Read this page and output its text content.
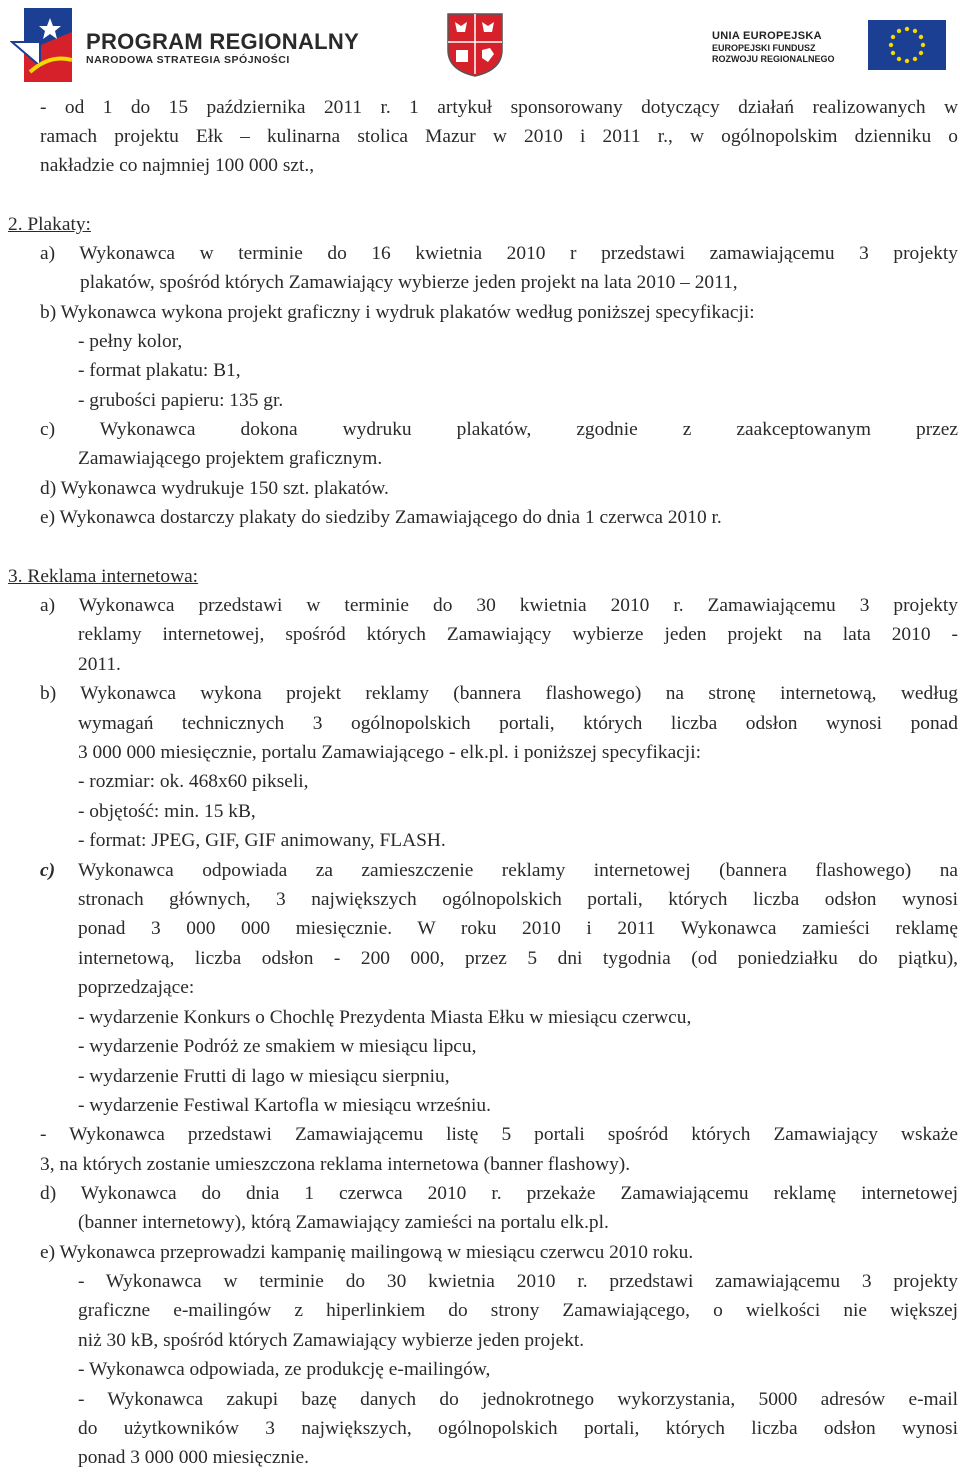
PROGRAM REGIONALNY
NARODOWA STRATEGIA SPÓJNOŚCI
UNIA EUROPEJSKA
EUROPEJSKI FUNDUSZ
ROZWOJU REGIONALNEGO
- od 1 do 15 października 2011 r. 1 artykuł sponsorowany dotyczący działań realizowanych w
ramach projektu Ełk – kulinarna stolica Mazur w 2010 i 2011 r., w ogólnopolskim dzienniku o
nakładzie co najmniej 100 000 szt.,
2. Plakaty:
a) Wykonawca w terminie do 16 kwietnia 2010 r przedstawi zamawiającemu 3 projekty
plakatów, spośród których Zamawiający wybierze jeden projekt na lata 2010 – 2011,
b) Wykonawca wykona projekt graficzny i wydruk plakatów według poniższej specyfikacji:
- pełny kolor,
- format plakatu: B1,
- grubości papieru: 135 gr.
c) Wykonawca dokona wydruku plakatów, zgodnie z zaakceptowanym przez
Zamawiającego projektem graficznym.
d) Wykonawca wydrukuje 150 szt. plakatów.
e) Wykonawca dostarczy plakaty do siedziby Zamawiającego do dnia 1 czerwca 2010 r.
3. Reklama internetowa:
a) Wykonawca przedstawi w terminie do 30 kwietnia 2010 r. Zamawiającemu 3 projekty
reklamy internetowej, spośród których Zamawiający wybierze jeden projekt na lata 2010 -
2011.
b) Wykonawca wykona projekt reklamy (bannera flashowego) na stronę internetową, według
wymagań technicznych 3 ogólnopolskich portali, których liczba odsłon wynosi ponad
3 000 000 miesięcznie, portalu Zamawiającego - elk.pl. i poniższej specyfikacji:
- rozmiar: ok. 468x60 pikseli,
- objętość: min. 15 kB,
- format: JPEG, GIF, GIF animowany, FLASH.
c) Wykonawca odpowiada za zamieszczenie reklamy internetowej (bannera flashowego) na
stronach głównych, 3 największych ogólnopolskich portali, których liczba odsłon wynosi
ponad 3 000 000 miesięcznie. W roku 2010 i 2011 Wykonawca zamieści reklamę
internetową, liczba odsłon - 200 000, przez 5 dni tygodnia (od poniedziałku do piątku),
poprzedzające:
- wydarzenie Konkurs o Chochlę Prezydenta Miasta Ełku w miesiącu czerwcu,
- wydarzenie Podróż ze smakiem w miesiącu lipcu,
- wydarzenie Frutti di lago w miesiącu sierpniu,
- wydarzenie Festiwal Kartofla w miesiącu wrześniu.
- Wykonawca przedstawi Zamawiającemu listę 5 portali spośród których Zamawiający wskaże
3, na których zostanie umieszczona reklama internetowa (banner flashowy).
d) Wykonawca do dnia 1 czerwca 2010 r. przekaże Zamawiającemu reklamę internetowej
(banner internetowy), którą Zamawiający zamieści na portalu elk.pl.
e) Wykonawca przeprowadzi kampanię mailingową w miesiącu czerwcu 2010 roku.
- Wykonawca w terminie do 30 kwietnia 2010 r. przedstawi zamawiającemu 3 projekty
graficzne e-mailingów z hiperlinkiem do strony Zamawiającego, o wielkości nie większej
niż 30 kB, spośród których Zamawiający wybierze jeden projekt.
- Wykonawca odpowiada, ze produkcję e-mailingów,
- Wykonawca zakupi bazę danych do jednokrotnego wykorzystania, 5000 adresów e-mail
do użytkowników 3 największych, ogólnopolskich portali, których liczba odsłon wynosi
ponad 3 000 000 miesięcznie.
